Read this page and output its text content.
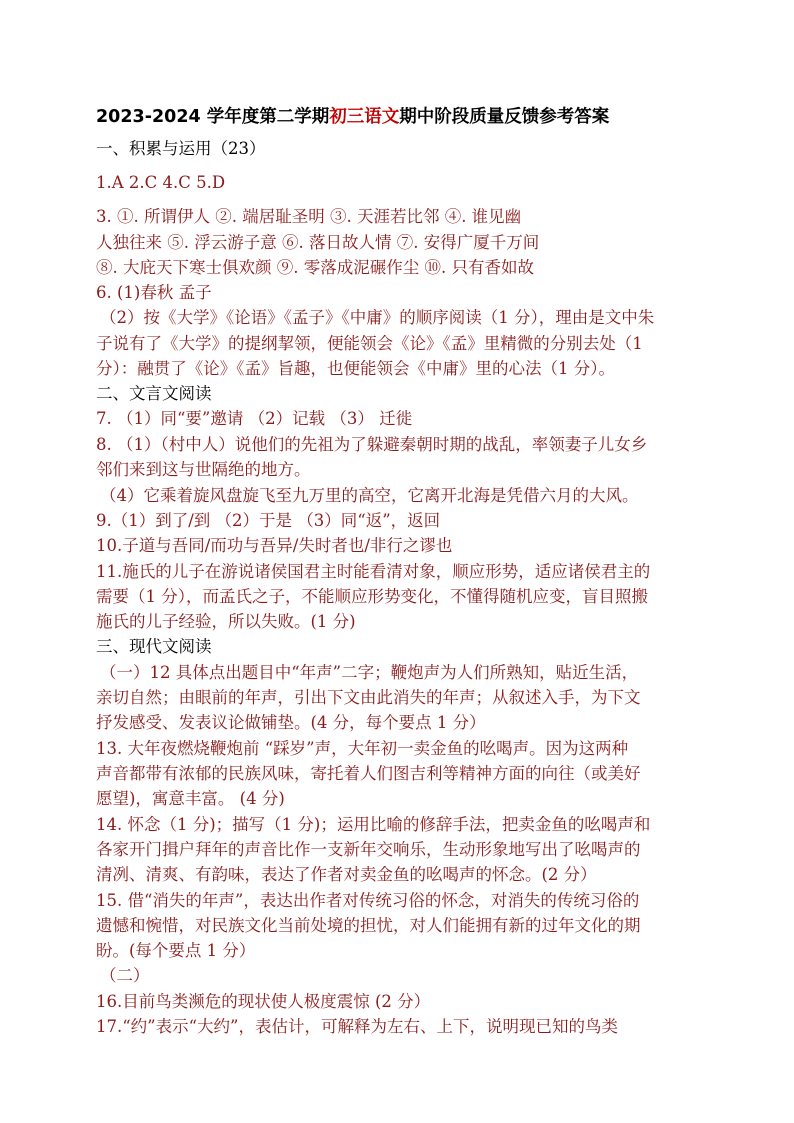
2023-2024 学年度第二学期初三语文期中阶段质量反馈参考答案
一、积累与运用（23）
1.A 2.C 4.C 5.D
3. ①. 所谓伊人 ②. 端居耻圣明 ③. 天涯若比邻 ④. 谁见幽
人独往来 ⑤. 浮云游子意 ⑥. 落日故人情 ⑦. 安得广厦千万间
⑧. 大庇天下寒士俱欢颜 ⑨. 零落成泥碾作尘 ⑩. 只有香如故
6. (1)春秋 孟子
（2）按《大学》《论语》《孟子》《中庸》的顺序阅读（1 分），理由是文中朱
子说有了《大学》的提纲挈领，便能领会《论》《孟》里精微的分别去处（1
分）：融贯了《论》《孟》旨趣，也便能领会《中庸》里的心法（1 分）。
二、文言文阅读
7. （1）同“要”邀请 （2）记载 （3） 迁徙
8. （1）（村中人）说他们的先祖为了躲避秦朝时期的战乱，率领妻子儿女乡
邻们来到这与世隔绝的地方。
（4）它乘着旋风盘旋飞至九万里的高空，它离开北海是凭借六月的大风。
9.（1）到了/到 （2）于是 （3）同“返”，返回
10.子道与吾同/而功与吾异/失时者也/非行之谬也
11.施氏的儿子在游说诸侯国君主时能看清对象，顺应形势，适应诸侯君主的
需要（1 分），而孟氏之子，不能顺应形势变化，不懂得随机应变，盲目照搬
施氏的儿子经验，所以失败。(1 分)
三、现代文阅读
（一）12 具体点出题目中“年声”二字；鞭炮声为人们所熟知，贴近生活，
亲切自然；由眼前的年声，引出下文由此消失的年声；从叙述入手，为下文
抒发感受、发表议论做铺垫。(4 分，每个要点 1 分）
13. 大年夜燃烧鞭炮前 “踩岁”声，大年初一卖金鱼的吆喝声。因为这两种
声音都带有浓郁的民族风味，寄托着人们图吉利等精神方面的向往（或美好
愿望)，寓意丰富。 (4 分)
14. 怀念（1 分)；描写（1 分)；运用比喻的修辞手法，把卖金鱼的吆喝声和
各家开门揖户拜年的声音比作一支新年交响乐，生动形象地写出了吆喝声的
清冽、清爽、有韵味，表达了作者对卖金鱼的吆喝声的怀念。(2 分）
15. 借“消失的年声”，表达出作者对传统习俗的怀念，对消失的传统习俗的
遗憾和惋惜，对民族文化当前处境的担忧，对人们能拥有新的过年文化的期
盼。(每个要点 1 分）
（二）
16.目前鸟类濒危的现状使人极度震惊 (2 分）
17.“约”表示“大约”，表估计，可解释为左右、上下，说明现已知的鸟类
